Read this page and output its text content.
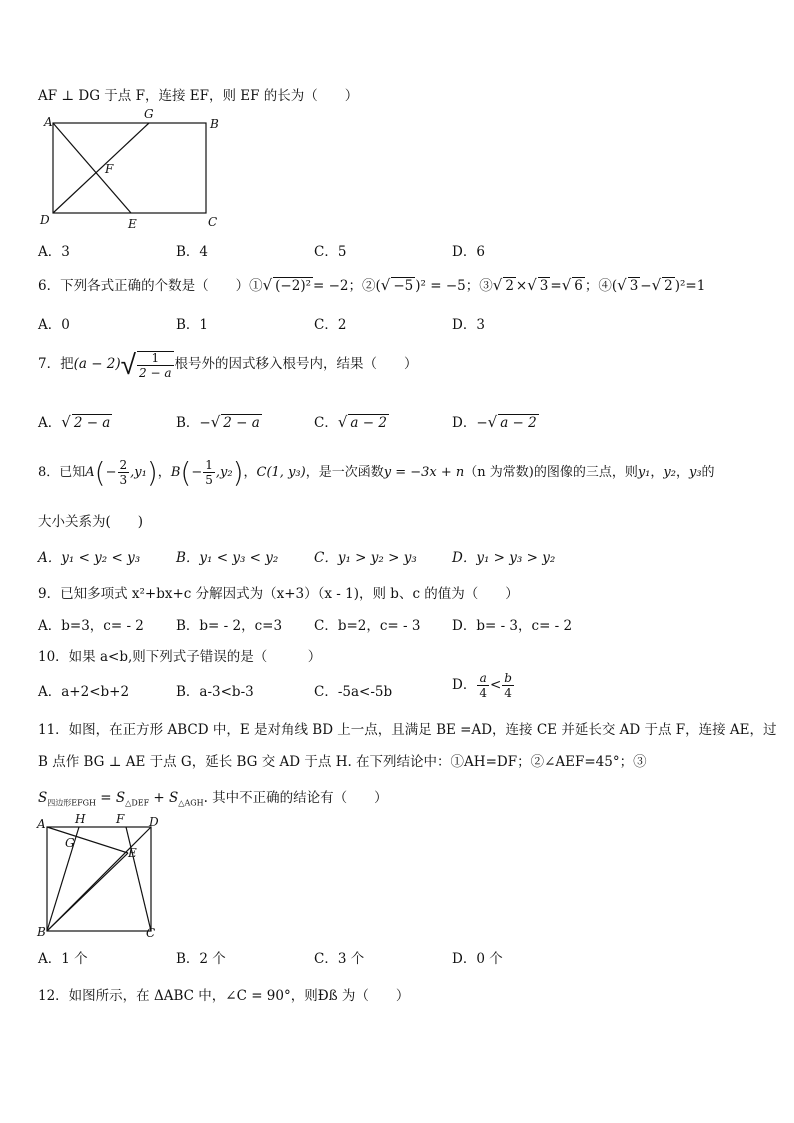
AF ⊥ DG 于点 F，连接 EF，则 EF 的长为（　　）
A
G
B
F
D	E	C
A．3	B．4	C．5	D．6
6．下列各式正确的个数是（　　）①√ (−2)² = −2；②(√ −5 )² = −5；③√ 2 ×√ 3 =√ 6 ；④(√ 3 −√ 2 )²=1
A．0	B．1	C．2	D．3
7．把$(a - 2)√ \frac{1}{2 - a}$ 根号外的因式移入根号内，结果（　　）
A．√ 2 − a	B．−√ 2 − a	C．√ a − 2	D．−√ a − 2
8．已知$A(- \frac{2}{3} ,y_1)$，$B(- \frac{1}{5} ,y_2)$，C(1, y₃)，是一次函数y = −3x + n（n 为常数)的图像的三点，则y₁，y₂，y₃的
大小关系为(　　)
A．y₁ < y₂ < y₃	B．y₁ < y₃ < y₂	C．y₁ > y₂ > y₃	D．y₁ > y₃ > y₂
9．已知多项式 x²+bx+c 分解因式为（x+3）（x - 1)，则 b、c 的值为（　　）
A．b=3，c= - 2 B．b= - 2，c=3 C．b=2，c= - 3 D．b= - 3，c= - 2
10．如果 a<b,则下列式子错误的是（　　　）
A．a+2<b+2	B．a-3<b-3	C．-5a<-5b	D． $\frac{a}{4} < \frac{b}{4}$
11．如图，在正方形 ABCD 中，E 是对角线 BD 上一点，且满足 BE =AD，连接 CE 并延长交 AD 于点 F，连接 AE，过
B 点作 BG ⊥ AE 于点 G，延长 BG 交 AD 于点 H. 在下列结论中：①AH=DF；②∠AEF=45°；③
$S_{四边形EFGH} = S_{\triangle DEF} + S_{\triangle AGH}$. 其中不正确的结论有（　　）
A H	F D
G
E
B	C
A．1 个	B．2 个	C．3 个	D．0 个
12．如图所示，在 ΔABC 中，∠C = 90°，则Ðß 为（　　）
